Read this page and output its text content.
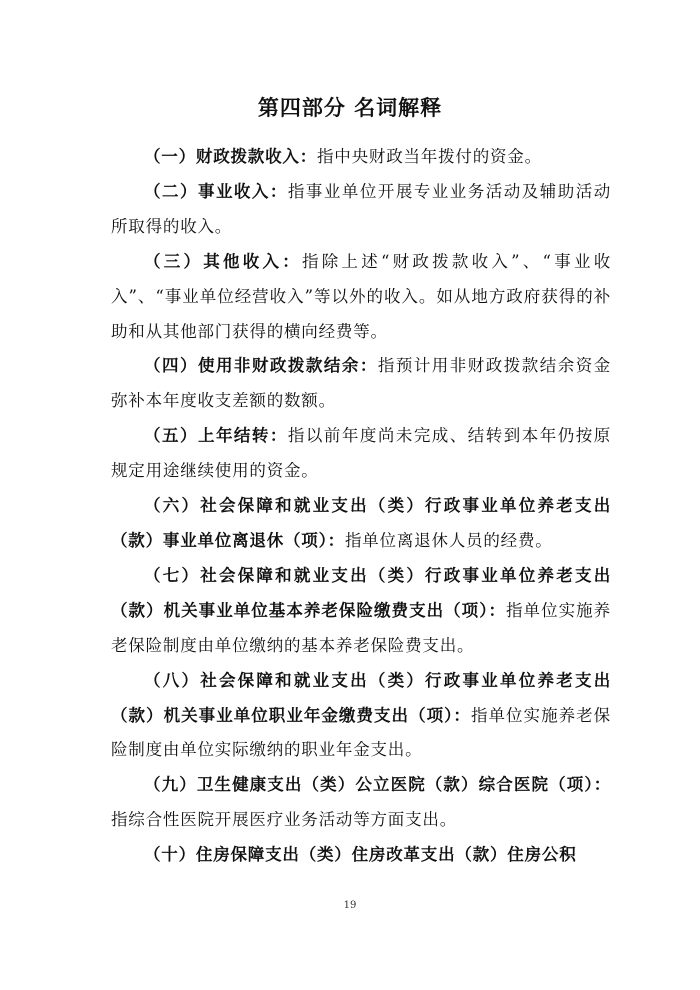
第四部分 名词解释

（一）财政拨款收入：指中央财政当年拨付的资金。

（二）事业收入：指事业单位开展专业业务活动及辅助活动所取得的收入。

（三）其他收入：指除上述“财政拨款收入”、“事业收入”、“事业单位经营收入”等以外的收入。如从地方政府获得的补助和从其他部门获得的横向经费等。

（四）使用非财政拨款结余：指预计用非财政拨款结余资金弥补本年度收支差额的数额。

（五）上年结转：指以前年度尚未完成、结转到本年仍按原规定用途继续使用的资金。

（六）社会保障和就业支出（类）行政事业单位养老支出（款）事业单位离退休（项）：指单位离退休人员的经费。

（七）社会保障和就业支出（类）行政事业单位养老支出（款）机关事业单位基本养老保险缴费支出（项）：指单位实施养老保险制度由单位缴纳的基本养老保险费支出。

（八）社会保障和就业支出（类）行政事业单位养老支出（款）机关事业单位职业年金缴费支出（项）：指单位实施养老保险制度由单位实际缴纳的职业年金支出。

（九）卫生健康支出（类）公立医院（款）综合医院（项）：指综合性医院开展医疗业务活动等方面支出。

（十）住房保障支出（类）住房改革支出（款）住房公积

19
